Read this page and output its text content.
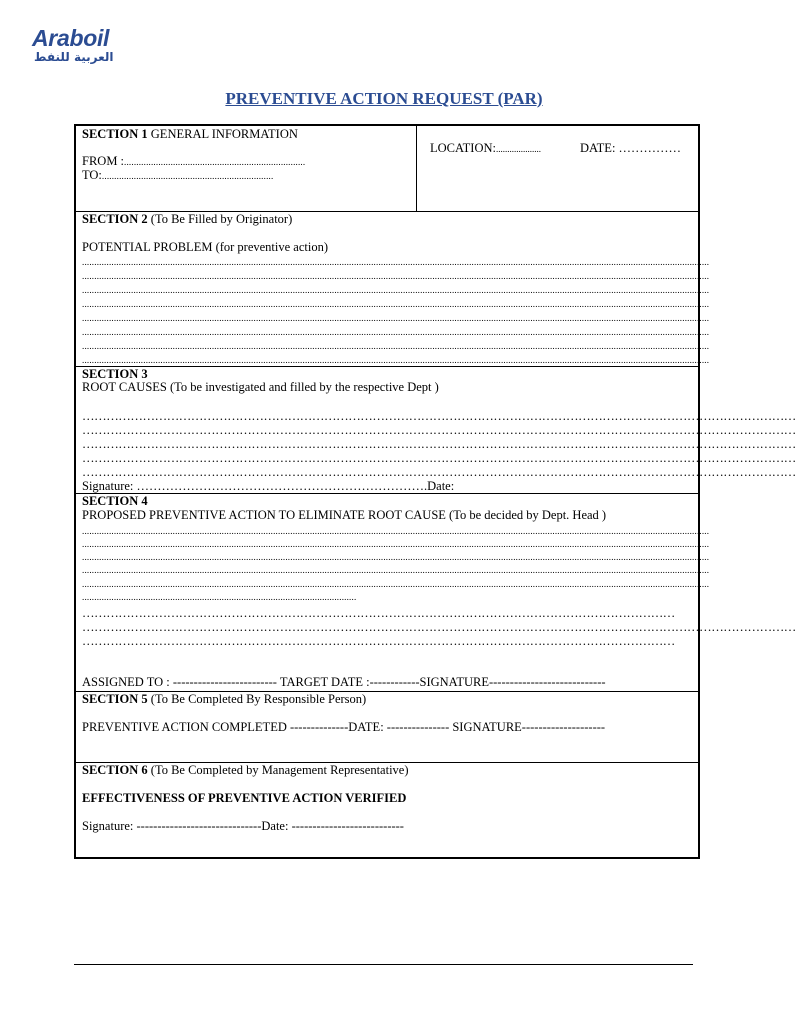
Araboil
العربية للنفط
PREVENTIVE ACTION REQUEST (PAR)
SECTION 1 GENERAL INFORMATION
FROM :..........................................................................
TO:......................................................................
LOCATION:....................	DATE: ……………
SECTION 2 (To Be Filled by Originator)
POTENTIAL PROBLEM (for preventive action)
................................................................................................................................................................................................................................................................
................................................................................................................................................................................................................................................................
................................................................................................................................................................................................................................................................
................................................................................................................................................................................................................................................................
................................................................................................................................................................................................................................................................
................................................................................................................................................................................................................................................................
................................................................................................................................................................................................................................................................
................................................................................................................................................................................................................................................................
SECTION 3
ROOT CAUSES (To be investigated and filled by the respective Dept )
……………………………………………………………………………………………………………………………………………………………
……………………………………………………………………………………………………………………………………………………………
……………………………………………………………………………………………………………………………………………………………
……………………………………………………………………………………………………………………………………………………………
……………………………………………………………………………………………………………………………………………………………
Signature: …………………………………………………………….Date:
SECTION 4
PROPOSED PREVENTIVE ACTION TO ELIMINATE ROOT CAUSE (To be decided by Dept. Head )
................................................................................................................................................................................................................................................................
................................................................................................................................................................................................................................................................
................................................................................................................................................................................................................................................................
................................................................................................................................................................................................................................................................
................................................................................................................................................................................................................................................................
................................................................................................................
…………………………………………………………………………………………………………………………………
……………………………………………………………………………………………………………………………………………………………
…………………………………………………………………………………………………………………………………
ASSIGNED TO : ------------------------- TARGET DATE :------------SIGNATURE----------------------------
SECTION 5 (To Be Completed By Responsible Person)
PREVENTIVE ACTION COMPLETED --------------DATE: --------------- SIGNATURE--------------------
SECTION 6 (To Be Completed by Management Representative)
EFFECTIVENESS OF PREVENTIVE ACTION VERIFIED
Signature: ------------------------------Date: ---------------------------
